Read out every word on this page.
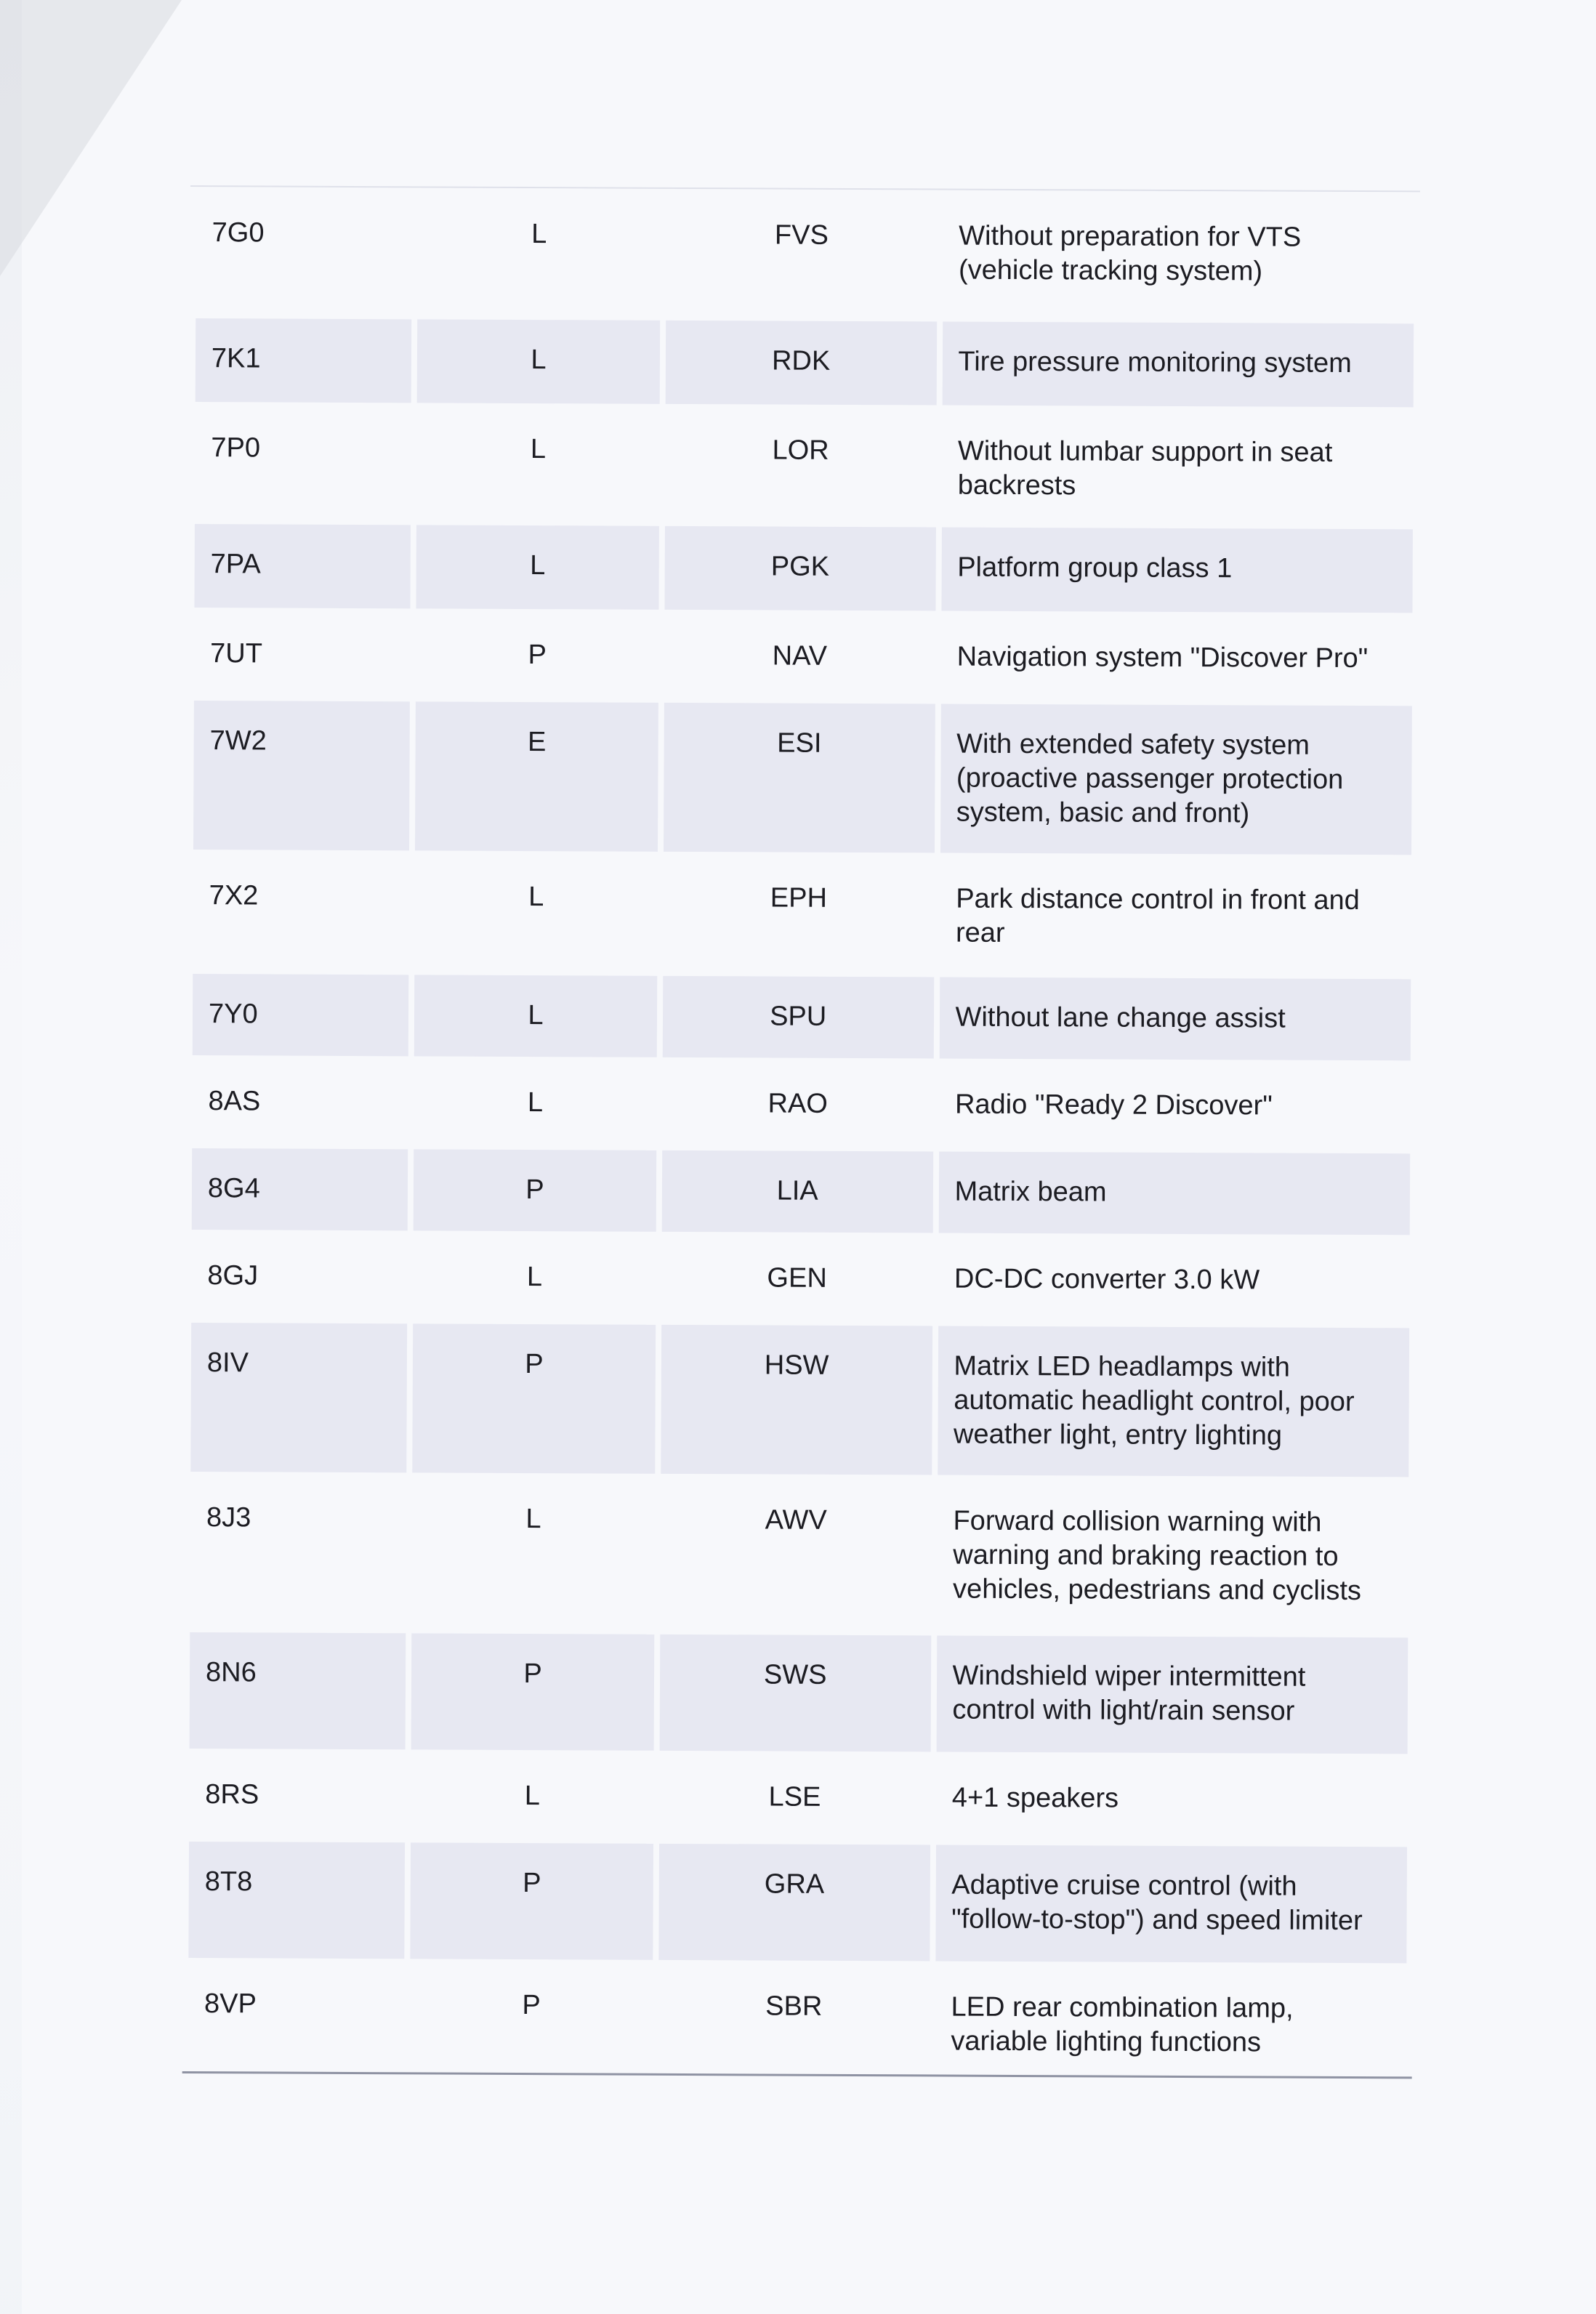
7G0	L	FVS	Without preparation for VTS (vehicle tracking system)
7K1	L	RDK	Tire pressure monitoring system
7P0	L	LOR	Without lumbar support in seat backrests
7PA	L	PGK	Platform group class 1
7UT	P	NAV	Navigation system "Discover Pro"
7W2	E	ESI	With extended safety system (proactive passenger protection system, basic and front)
7X2	L	EPH	Park distance control in front and rear
7Y0	L	SPU	Without lane change assist
8AS	L	RAO	Radio "Ready 2 Discover"
8G4	P	LIA	Matrix beam
8GJ	L	GEN	DC-DC converter 3.0 kW
8IV	P	HSW	Matrix LED headlamps with automatic headlight control, poor weather light, entry lighting
8J3	L	AWV	Forward collision warning with warning and braking reaction to vehicles, pedestrians and cyclists
8N6	P	SWS	Windshield wiper intermittent control with light/rain sensor
8RS	L	LSE	4+1 speakers
8T8	P	GRA	Adaptive cruise control (with "follow-to-stop") and speed limiter
8VP	P	SBR	LED rear combination lamp, variable lighting functions
